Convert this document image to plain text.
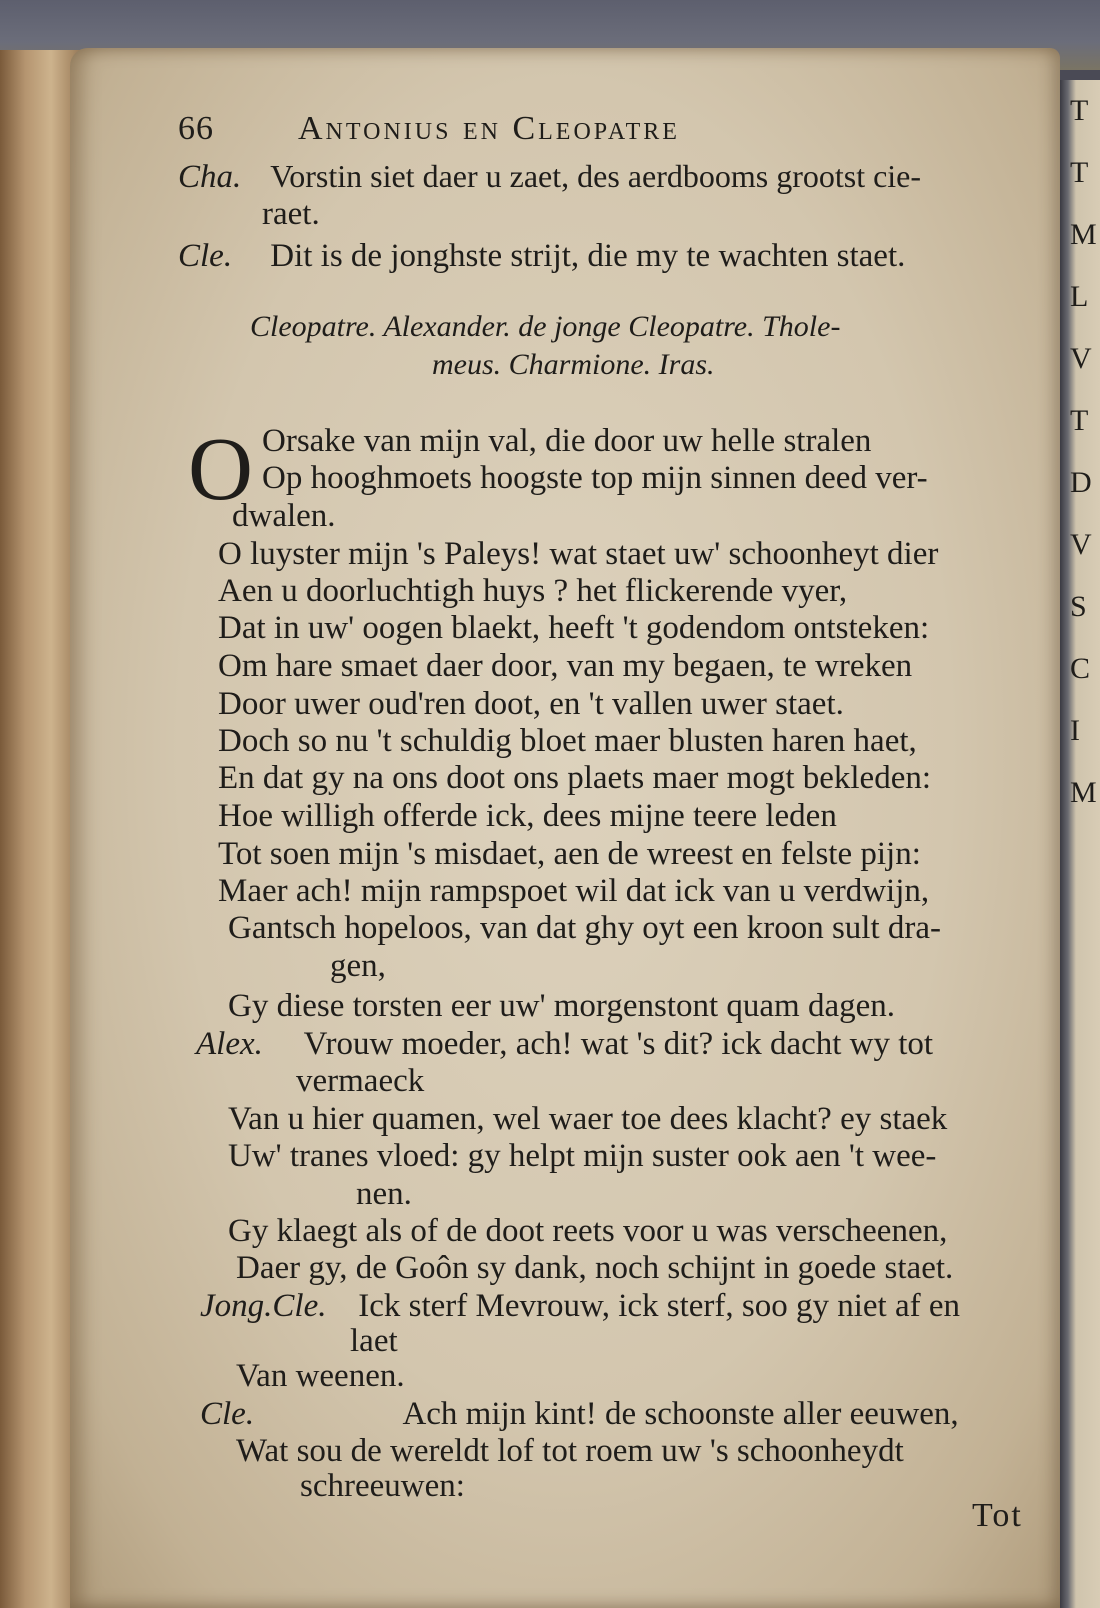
T
T
M
L
V
T
D
V
S
C
I
M
66 Antonius en Cleopatre
Cha. Vorstin siet daer u zaet, des aerdbooms grootst cie-
raet.
Cle. Dit is de jonghste strijt, die my te wachten staet.
Cleopatre. Alexander. de jonge Cleopatre. Thole-
meus. Charmione. Iras.
O Orsake van mijn val, die door uw helle stralen
Op hooghmoets hoogste top mijn sinnen deed ver-
dwalen.
O luyster mijn 's Paleys! wat staet uw' schoonheyt dier
Aen u doorluchtigh huys ? het flickerende vyer,
Dat in uw' oogen blaekt, heeft 't godendom ontsteken:
Om hare smaet daer door, van my begaen, te wreken
Door uwer oud'ren doot, en 't vallen uwer staet.
Doch so nu 't schuldig bloet maer blusten haren haet,
En dat gy na ons doot ons plaets maer mogt bekleden:
Hoe willigh offerde ick, dees mijne teere leden
Tot soen mijn 's misdaet, aen de wreest en felste pijn:
Maer ach! mijn rampspoet wil dat ick van u verdwijn,
Gantsch hopeloos, van dat ghy oyt een kroon sult dra-
gen,
Gy diese torsten eer uw' morgenstont quam dagen.
Alex. Vrouw moeder, ach! wat 's dit? ick dacht wy tot
vermaeck
Van u hier quamen, wel waer toe dees klacht? ey staek
Uw' tranes vloed: gy helpt mijn suster ook aen 't wee-
nen.
Gy klaegt als of de doot reets voor u was verscheenen,
Daer gy, de Goôn sy dank, noch schijnt in goede staet.
Jong.Cle. Ick sterf Mevrouw, ick sterf, soo gy niet af en
laet
Van weenen.
Cle.	Ach mijn kint! de schoonste aller eeuwen,
Wat sou de wereldt lof tot roem uw 's schoonheydt
schreeuwen:
Tot
